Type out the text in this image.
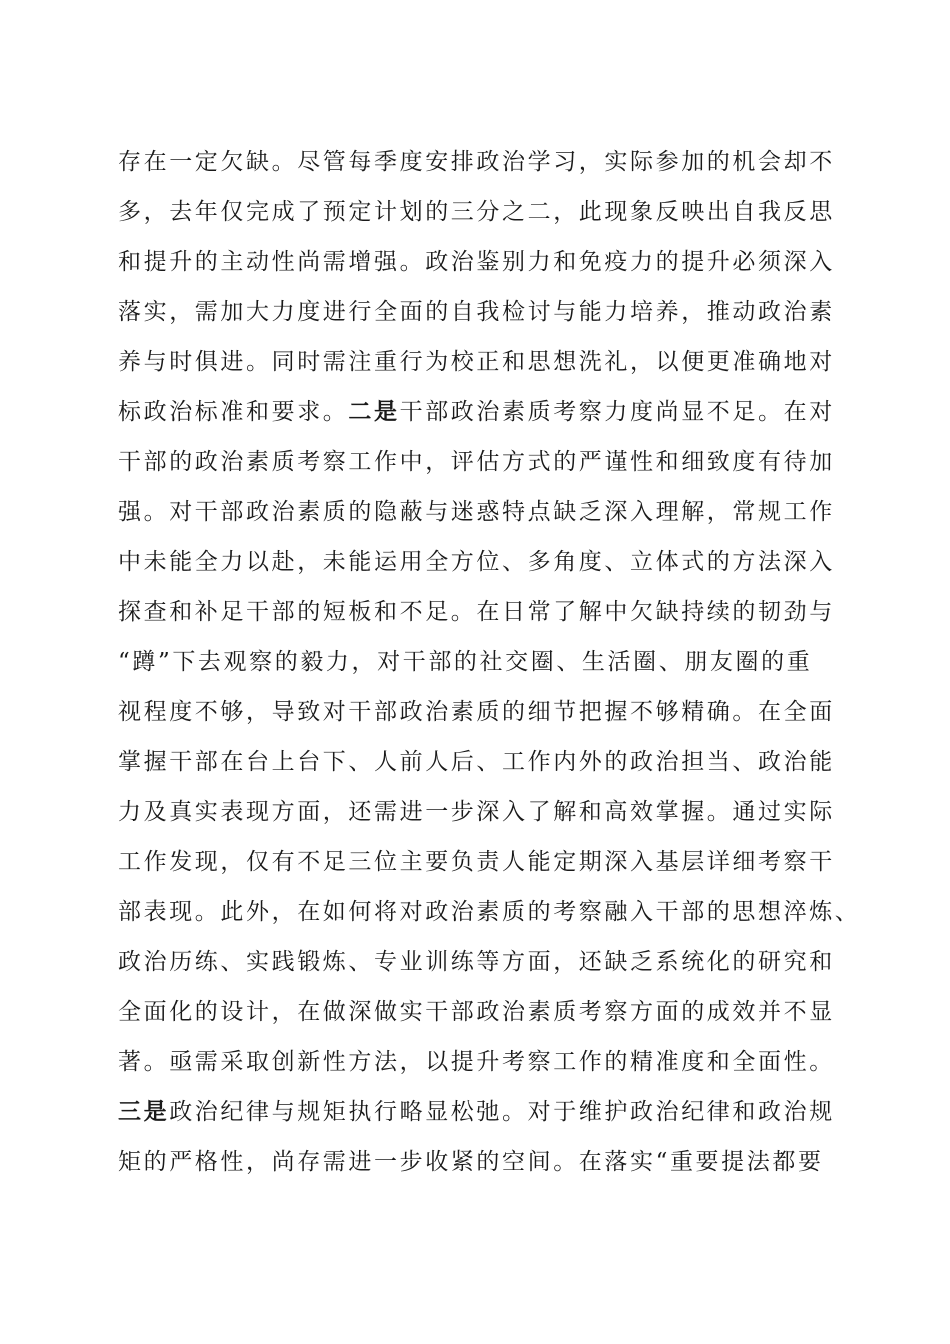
存在一定欠缺。尽管每季度安排政治学习，实际参加的机会却不
多，去年仅完成了预定计划的三分之二，此现象反映出自我反思
和提升的主动性尚需增强。政治鉴别力和免疫力的提升必须深入
落实，需加大力度进行全面的自我检讨与能力培养，推动政治素
养与时俱进。同时需注重行为校正和思想洗礼，以便更准确地对
标政治标准和要求。二是干部政治素质考察力度尚显不足。在对
干部的政治素质考察工作中，评估方式的严谨性和细致度有待加
强。对干部政治素质的隐蔽与迷惑特点缺乏深入理解，常规工作
中未能全力以赴，未能运用全方位、多角度、立体式的方法深入
探查和补足干部的短板和不足。在日常了解中欠缺持续的韧劲与
“蹲”下去观察的毅力，对干部的社交圈、生活圈、朋友圈的重
视程度不够，导致对干部政治素质的细节把握不够精确。在全面
掌握干部在台上台下、人前人后、工作内外的政治担当、政治能
力及真实表现方面，还需进一步深入了解和高效掌握。通过实际
工作发现，仅有不足三位主要负责人能定期深入基层详细考察干
部表现。此外，在如何将对政治素质的考察融入干部的思想淬炼、
政治历练、实践锻炼、专业训练等方面，还缺乏系统化的研究和
全面化的设计，在做深做实干部政治素质考察方面的成效并不显
著。亟需采取创新性方法，以提升考察工作的精准度和全面性。
三是政治纪律与规矩执行略显松弛。对于维护政治纪律和政治规
矩的严格性，尚存需进一步收紧的空间。在落实“重要提法都要
